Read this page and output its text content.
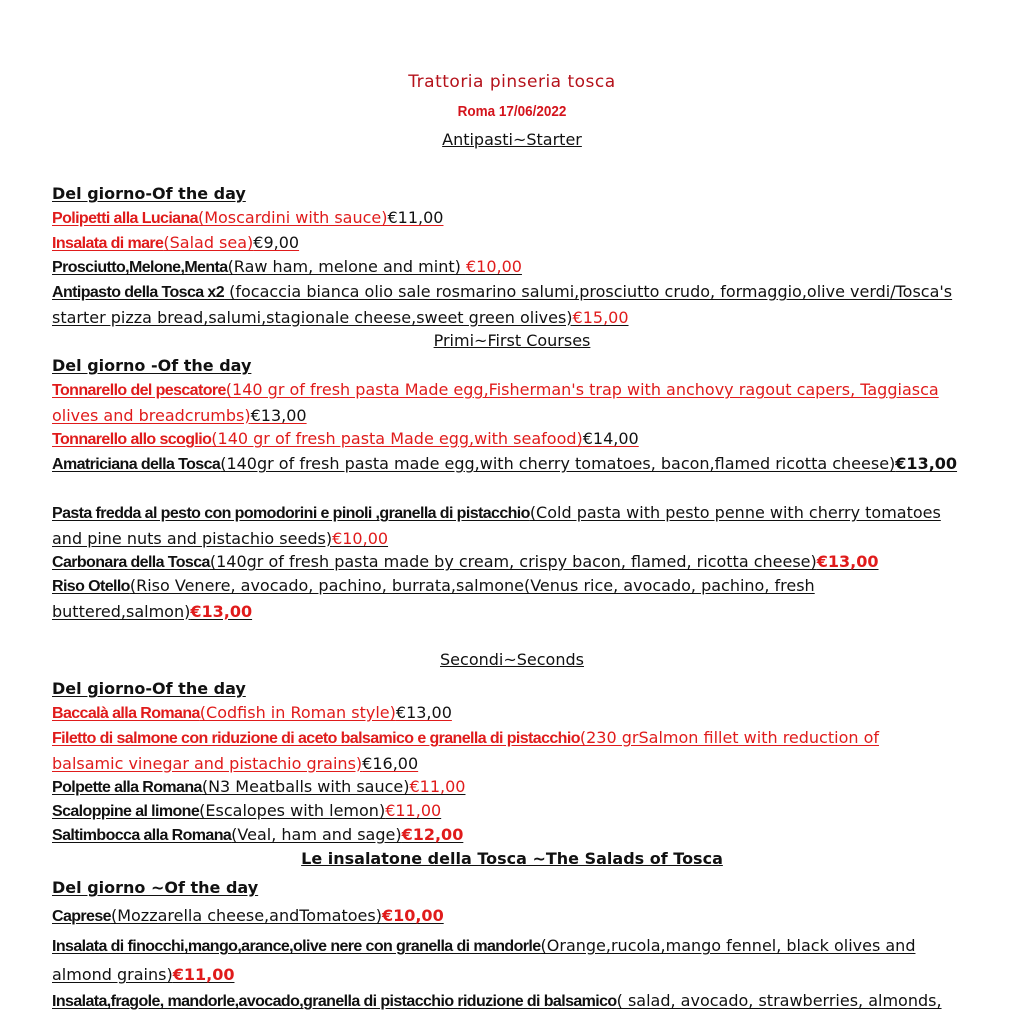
Trattoria pinseria tosca
Roma 17/06/2022
Antipasti~Starter
Del giorno-Of the day
Polipetti alla Luciana(Moscardini with sauce)€11,00
Insalata di mare(Salad sea)€9,00
Prosciutto,Melone,Menta(Raw ham, melone and mint) €10,00
Antipasto della Tosca x2 (focaccia bianca olio sale rosmarino salumi,prosciutto crudo, formaggio,olive verdi/Tosca's starter pizza bread,salumi,stagionale cheese,sweet green olives)€15,00
Primi~First Courses
Del giorno -Of the day
Tonnarello del pescatore(140 gr of fresh pasta Made egg,Fisherman's trap with anchovy ragout capers, Taggiasca olives and breadcrumbs)€13,00
Tonnarello allo scoglio(140 gr of fresh pasta Made egg,with seafood)€14,00
Amatriciana della Tosca(140gr of fresh pasta made egg,with cherry tomatoes, bacon,flamed ricotta cheese)€13,00
Pasta fredda al pesto con pomodorini e pinoli ,granella di pistacchio(Cold pasta with pesto penne with cherry tomatoes and pine nuts and pistachio seeds)€10,00
Carbonara della Tosca(140gr of fresh pasta made by cream, crispy bacon, flamed, ricotta cheese)€13,00
Riso Otello(Riso Venere, avocado, pachino, burrata,salmone(Venus rice, avocado, pachino, fresh buttered,salmon)€13,00
Secondi~Seconds
Del giorno-Of the day
Baccalà alla Romana(Codfish in Roman style)€13,00
Filetto di salmone con riduzione di aceto balsamico e granella di pistacchio(230 grSalmon fillet with reduction of balsamic vinegar and pistachio grains)€16,00
Polpette alla Romana(N3 Meatballs with sauce)€11,00
Scaloppine al limone(Escalopes with lemon)€11,00
Saltimbocca alla Romana(Veal, ham and sage)€12,00
Le insalatone della Tosca ~The Salads of Tosca
Del giorno ~Of the day
Caprese(Mozzarella cheese,andTomatoes)€10,00
Insalata di finocchi,mango,arance,olive nere con granella di mandorle(Orange,rucola,mango fennel, black olives and almond grains)€11,00
Insalata,fragole, mandorle,avocado,granella di pistacchio riduzione di balsamico( salad, avocado, strawberries, almonds,
